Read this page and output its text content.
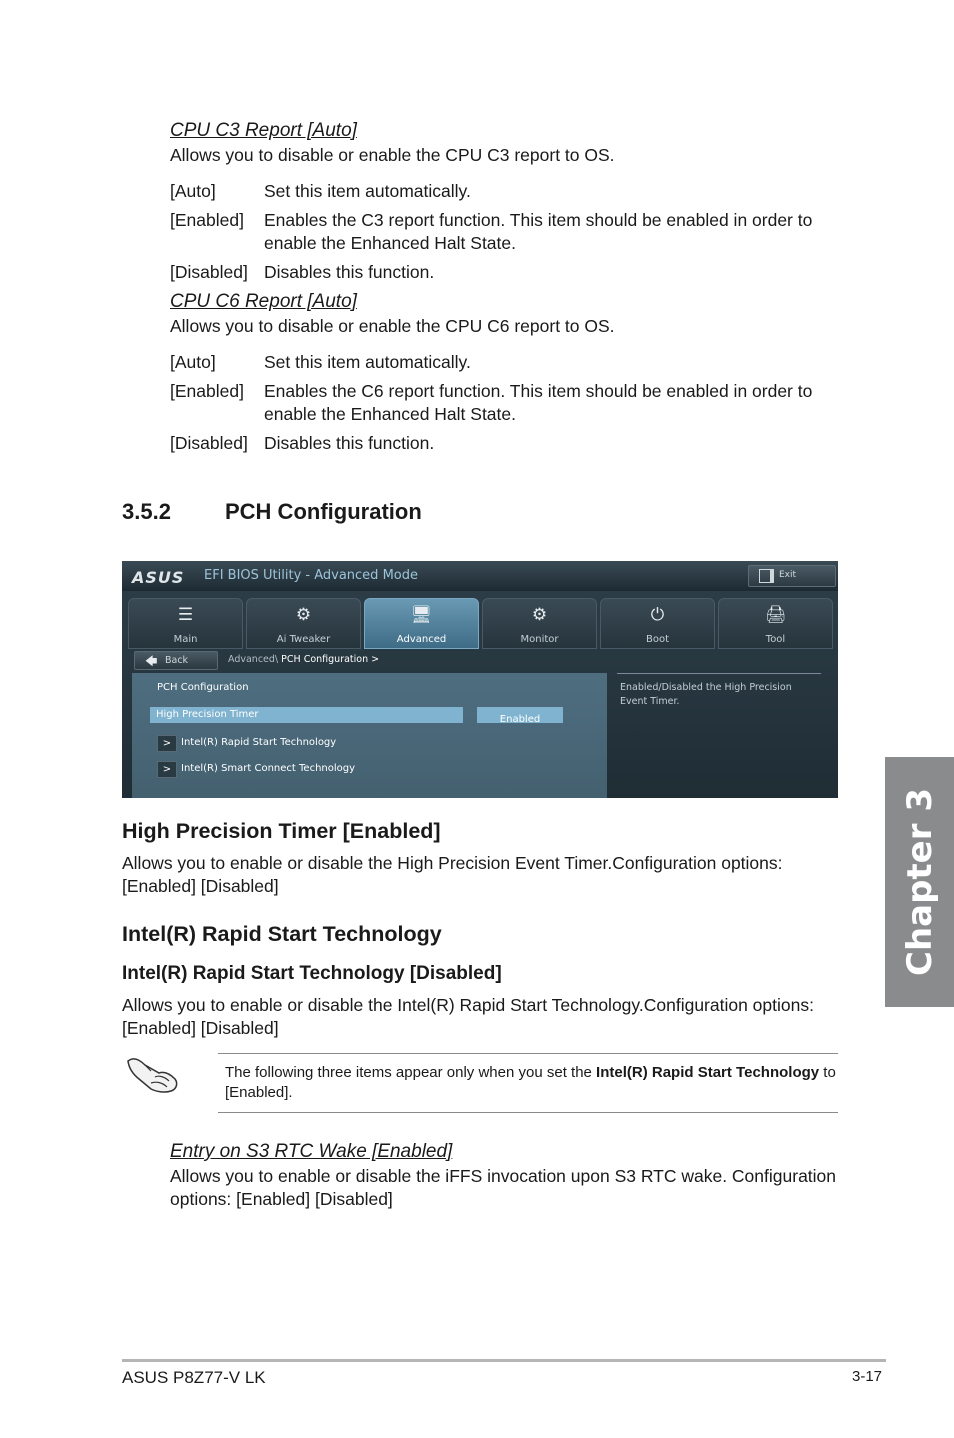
CPU C3 Report [Auto]
Allows you to disable or enable the CPU C3 report to OS.
[Auto]	Set this item automatically.
[Enabled] Enables the C3 report function. This item should be enabled in order to enable the Enhanced Halt State.
[Disabled] Disables this function.
CPU C6 Report [Auto]
Allows you to disable or enable the CPU C6 report to OS.
[Auto]	Set this item automatically.
[Enabled] Enables the C6 report function. This item should be enabled in order to enable the Enhanced Halt State.
[Disabled] Disables this function.
3.5.2 PCH Configuration
ASUS EFI BIOS Utility - Advanced Mode	Exit
☰
Main
⚙
Ai Tweaker
🖥
Advanced
⚙
Monitor
⏻
Boot
🖨
Tool
🡄 Back	Advanced\ PCH Configuration >
PCH Configuration
High Precision Timer	Enabled
> Intel(R) Rapid Start Technology
> Intel(R) Smart Connect Technology
Enabled/Disabled the High Precision Event Timer.
High Precision Timer [Enabled]
Allows you to enable or disable the High Precision Event Timer.Configuration options: [Enabled] [Disabled]
Intel(R) Rapid Start Technology
Intel(R) Rapid Start Technology [Disabled]
Allows you to enable or disable the Intel(R) Rapid Start Technology.Configuration options: [Enabled] [Disabled]
The following three items appear only when you set the Intel(R) Rapid Start Technology to [Enabled].
Entry on S3 RTC Wake [Enabled]
Allows you to enable or disable the iFFS invocation upon S3 RTC wake. Configuration options: [Enabled] [Disabled]
Chapter 3
ASUS P8Z77-V LK	3-17
